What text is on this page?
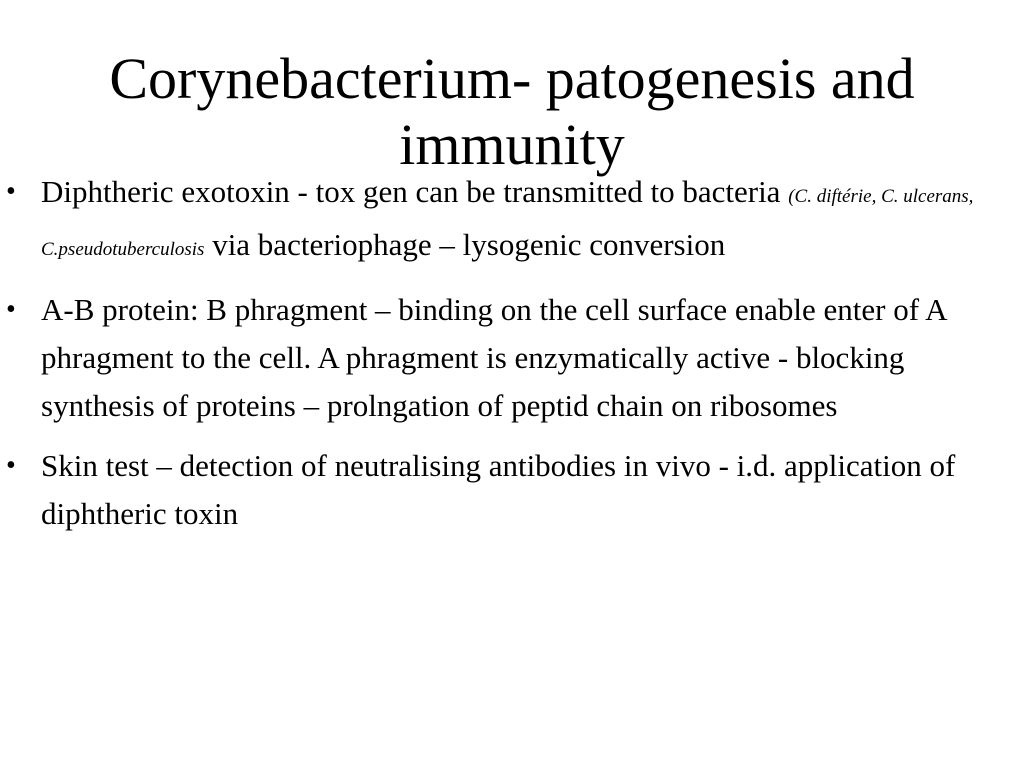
Corynebacterium- patogenesis and immunity
• Diphtheric exotoxin - tox gen can be transmitted to bacteria (C. diftérie, C. ulcerans, C.pseudotuberculosis via bacteriophage – lysogenic conversion
• A-B protein: B phragment – binding on the cell surface enable enter of A phragment to the cell. A phragment is enzymatically active - blocking synthesis of proteins – prolngation of peptid chain on ribosomes
• Skin test – detection of neutralising antibodies in vivo - i.d. application of diphtheric toxin
